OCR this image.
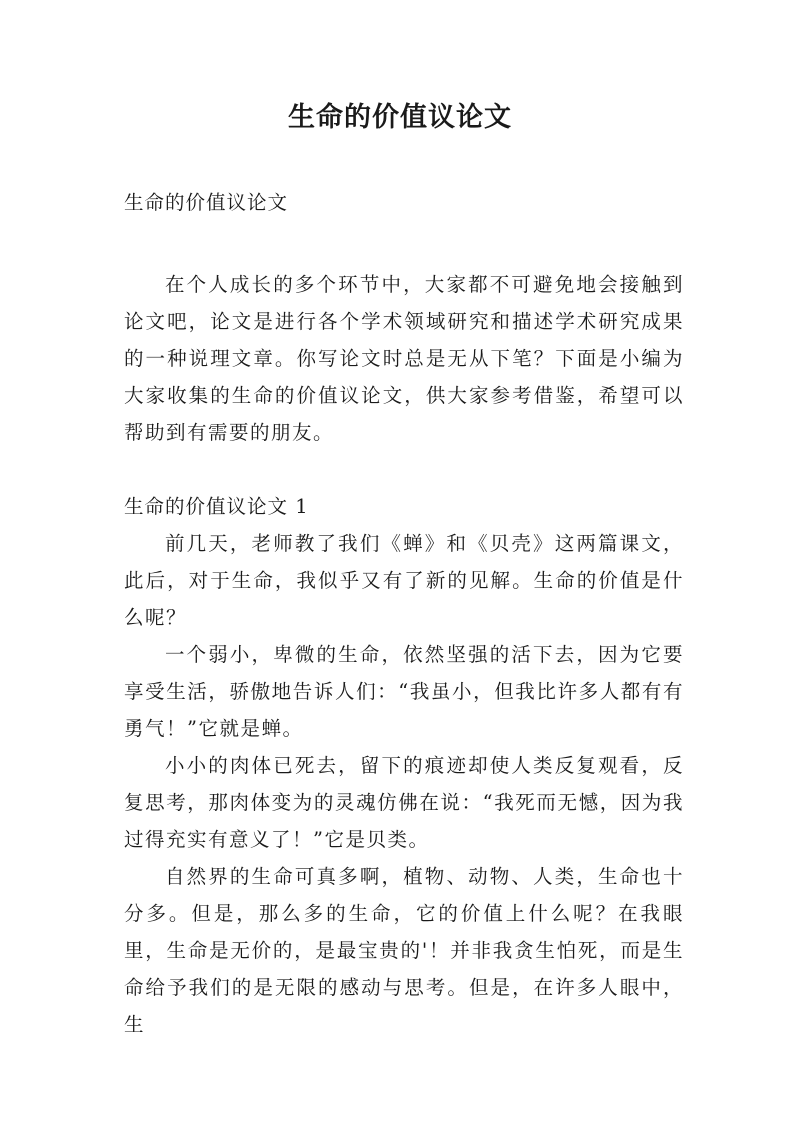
生命的价值议论文

生命的价值议论文

在个人成长的多个环节中，大家都不可避免地会接触到论文吧，论文是进行各个学术领域研究和描述学术研究成果的一种说理文章。你写论文时总是无从下笔？下面是小编为大家收集的生命的价值议论文，供大家参考借鉴，希望可以帮助到有需要的朋友。

生命的价值议论文 1

前几天，老师教了我们《蝉》和《贝壳》这两篇课文，此后，对于生命，我似乎又有了新的见解。生命的价值是什么呢？

一个弱小，卑微的生命，依然坚强的活下去，因为它要享受生活，骄傲地告诉人们：“我虽小，但我比许多人都有有勇气！”它就是蝉。

小小的肉体已死去，留下的痕迹却使人类反复观看，反复思考，那肉体变为的灵魂仿佛在说：“我死而无憾，因为我过得充实有意义了！”它是贝类。

自然界的生命可真多啊，植物、动物、人类，生命也十分多。但是，那么多的生命，它的价值上什么呢？在我眼里，生命是无价的，是最宝贵的'！并非我贪生怕死，而是生命给予我们的是无限的感动与思考。但是，在许多人眼中，生
